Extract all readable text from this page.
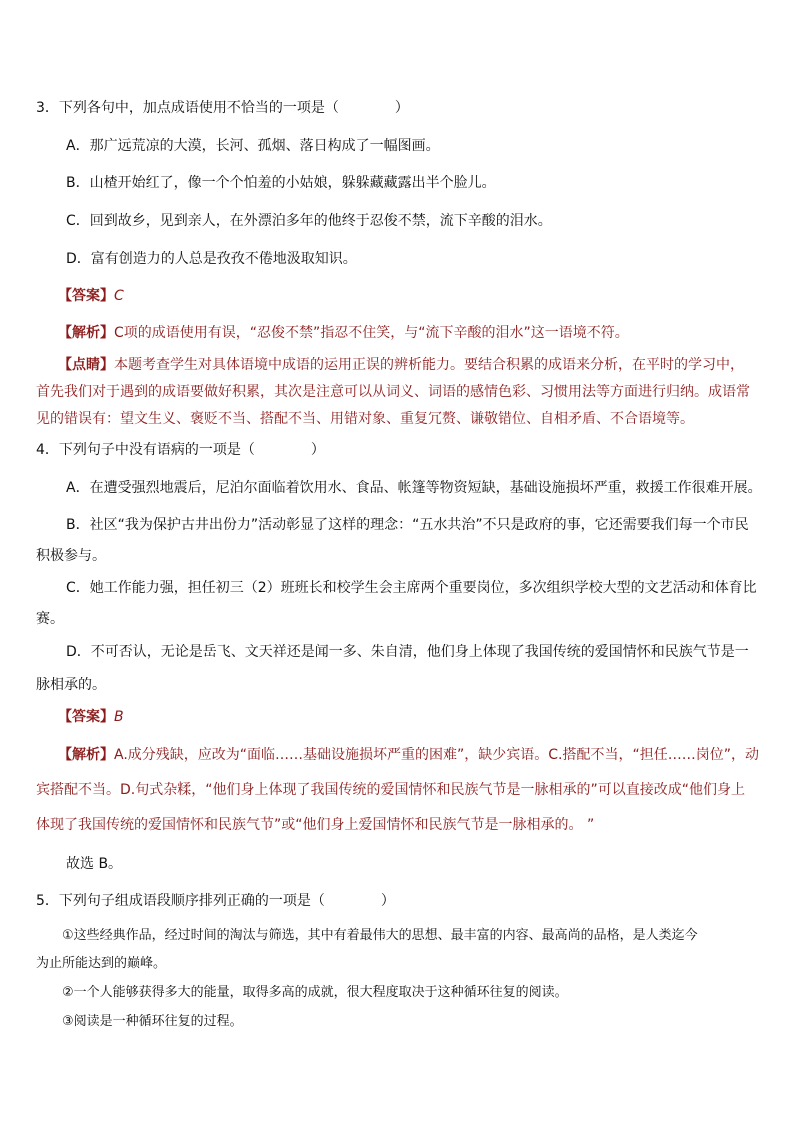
3．下列各句中，加点成语使用不恰当的一项是（　　　　）
A．那广远荒凉的大漠，长河、孤烟、落日构成了一幅图画。
B．山楂开始红了，像一个个怕羞的小姑娘，躲躲藏藏露出半个脸儿。
C．回到故乡，见到亲人，在外漂泊多年的他终于忍俊不禁，流下辛酸的泪水。
D．富有创造力的人总是孜孜不倦地汲取知识。
【答案】C
【解析】C项的成语使用有误，“忍俊不禁”指忍不住笑，与“流下辛酸的泪水”这一语境不符。
【点睛】本题考查学生对具体语境中成语的运用正误的辨析能力。要结合积累的成语来分析，在平时的学习中，
首先我们对于遇到的成语要做好积累，其次是注意可以从词义、词语的感情色彩、习惯用法等方面进行归纳。成语常
见的错误有：望文生义、褒贬不当、搭配不当、用错对象、重复冗赘、谦敬错位、自相矛盾、不合语境等。
4．下列句子中没有语病的一项是（　　　　）
A．在遭受强烈地震后，尼泊尔面临着饮用水、食品、帐篷等物资短缺，基础设施损坏严重，救援工作很难开展。
B．社区“我为保护古井出份力”活动彰显了这样的理念：“五水共治”不只是政府的事，它还需要我们每一个市民
积极参与。
C．她工作能力强，担任初三（2）班班长和校学生会主席两个重要岗位，多次组织学校大型的文艺活动和体育比
赛。
D．不可否认，无论是岳飞、文天祥还是闻一多、朱自清，他们身上体现了我国传统的爱国情怀和民族气节是一
脉相承的。
【答案】B
【解析】A.成分残缺，应改为“面临……基础设施损坏严重的困难”，缺少宾语。C.搭配不当，“担任……岗位”，动
宾搭配不当。D.句式杂糅，“他们身上体现了我国传统的爱国情怀和民族气节是一脉相承的”可以直接改成“他们身上
体现了我国传统的爱国情怀和民族气节”或“他们身上爱国情怀和民族气节是一脉相承的。 ”
故选 B。
5．下列句子组成语段顺序排列正确的一项是（　　　　）
①这些经典作品，经过时间的淘汰与筛选，其中有着最伟大的思想、最丰富的内容、最高尚的品格，是人类迄今
为止所能达到的巅峰。
②一个人能够获得多大的能量，取得多高的成就，很大程度取决于这种循环往复的阅读。
③阅读是一种循环往复的过程。
